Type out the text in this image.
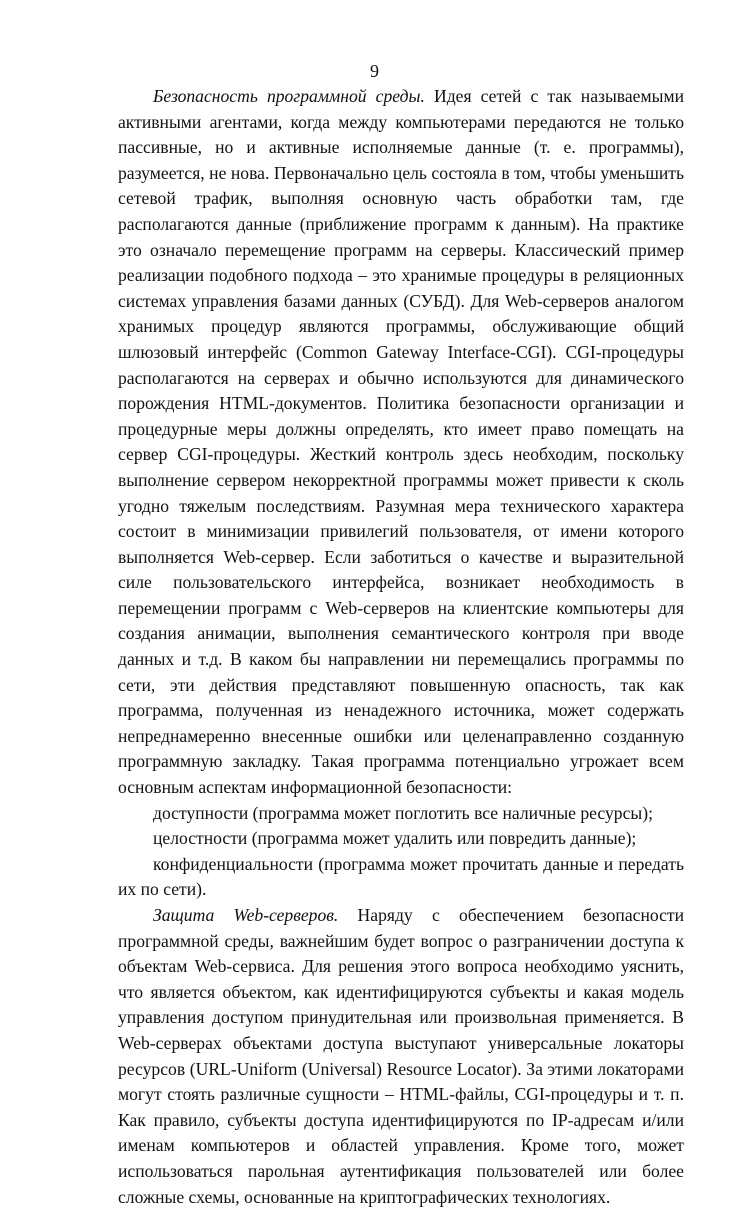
9

Безопасность программной среды. Идея сетей с так называемыми активными агентами, когда между компьютерами передаются не только пассивные, но и активные исполняемые данные (т. е. программы), разумеется, не нова. Первоначально цель состояла в том, чтобы уменьшить сетевой трафик, выполняя основную часть обработки там, где располагаются данные (приближение программ к данным). На практике это означало перемещение программ на серверы. Классический пример реализации подобного подхода – это хранимые процедуры в реляционных системах управления базами данных (СУБД). Для Web-серверов аналогом хранимых процедур являются программы, обслуживающие общий шлюзовый интерфейс (Common Gateway Interface-CGI). CGI-процедуры располагаются на серверах и обычно используются для динамического порождения HTML-документов. Политика безопасности организации и процедурные меры должны определять, кто имеет право помещать на сервер CGI-процедуры. Жесткий контроль здесь необходим, поскольку выполнение сервером некорректной программы может привести к сколь угодно тяжелым последствиям. Разумная мера технического характера состоит в минимизации привилегий пользователя, от имени которого выполняется Web-сервер. Если заботиться о качестве и выразительной силе пользовательского интерфейса, возникает необходимость в перемещении программ с Web-серверов на клиентские компьютеры для создания анимации, выполнения семантического контроля при вводе данных и т.д. В каком бы направлении ни перемещались программы по сети, эти действия представляют повышенную опасность, так как программа, полученная из ненадежного источника, может содержать непреднамеренно внесенные ошибки или целенаправленно созданную программную закладку. Такая программа потенциально угрожает всем основным аспектам информационной безопасности:

доступности (программа может поглотить все наличные ресурсы);

целостности (программа может удалить или повредить данные);

конфиденциальности (программа может прочитать данные и передать их по сети).

Защита Web-серверов. Наряду с обеспечением безопасности программной среды, важнейшим будет вопрос о разграничении доступа к объектам Web-сервиса. Для решения этого вопроса необходимо уяснить, что является объектом, как идентифицируются субъекты и какая модель управления доступом принудительная или произвольная применяется. В Web-серверах объектами доступа выступают универсальные локаторы ресурсов (URL-Uniform (Universal) Resource Locator). За этими локаторами могут стоять различные сущности – HTML-файлы, CGI-процедуры и т. п. Как правило, субъекты доступа идентифицируются по IP-адресам и/или именам компьютеров и областей управления. Кроме того, может использоваться парольная аутентификация пользователей или более сложные схемы, основанные на криптографических технологиях.
